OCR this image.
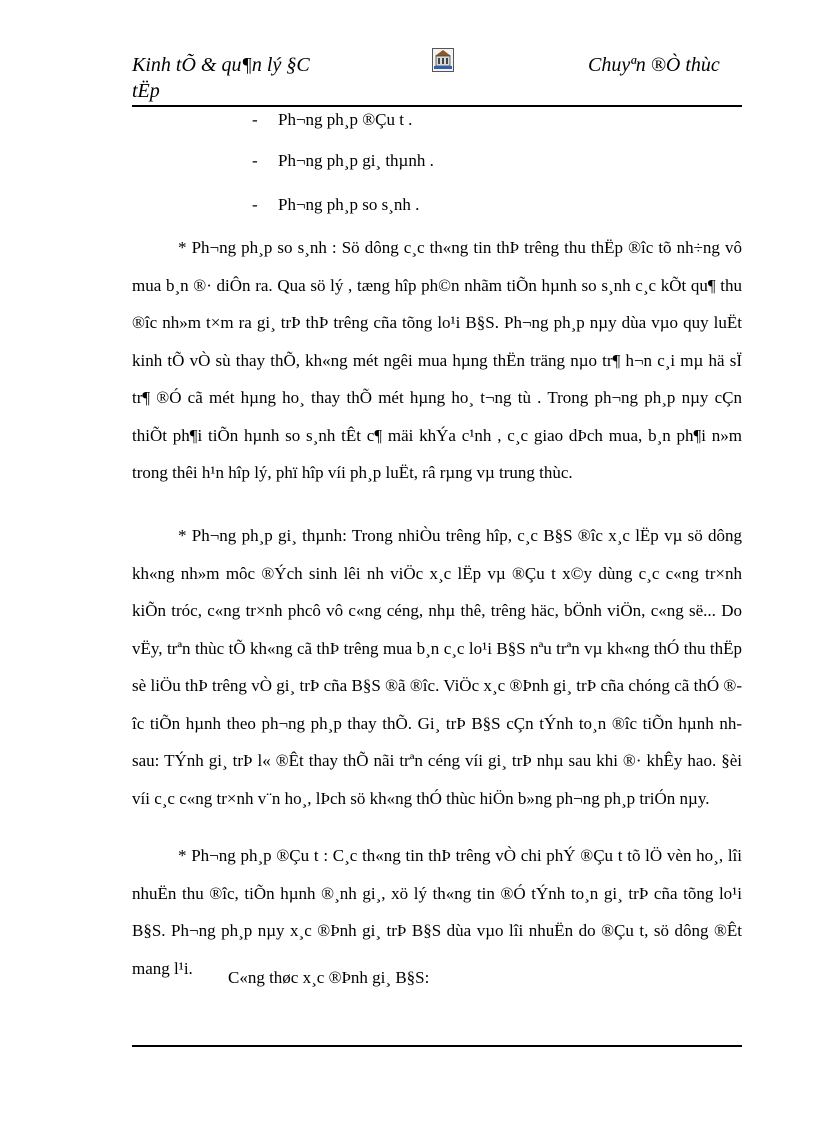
Kinh tÕ & qu¶n lý §C
tËp
Chuyªn ®Ò thùc
- Ph¬ng ph¸p ®Çu t .
- Ph¬ng ph¸p gi¸ thµnh .
- Ph¬ng ph¸p so s¸nh .

* Ph¬ng ph¸p so s¸nh : Sö dông c¸c th«ng tin thÞ trêng thu thËp ®îc tõ nh÷ng vô mua b¸n ®· diÔn ra. Qua sö lý , tæng hîp ph©n nhãm tiÕn hµnh so s¸nh c¸c kÕt qu¶ thu ®îc nh»m t×m ra gi¸ trÞ thÞ trêng cña tõng lo¹i B§S. Ph¬ng ph¸p nµy dùa vµo quy luËt kinh tÕ vÒ sù thay thÕ, kh«ng mét ngêi mua hµng thËn träng nµo tr¶ h¬n c¸i mµ hä sÏ tr¶ ®Ó cã mét hµng ho¸ thay thÕ mét hµng ho¸ t¬ng tù . Trong ph¬ng ph¸p nµy cÇn thiÕt ph¶i tiÕn hµnh so s¸nh tÊt c¶ mäi khÝa c¹nh , c¸c giao dÞch mua, b¸n ph¶i n»m trong thêi h¹n hîp lý, phï hîp víi ph¸p luËt, râ rµng vµ trung thùc.

* Ph¬ng ph¸p gi¸ thµnh: Trong nhiÒu trêng hîp, c¸c B§S ®îc x¸c lËp vµ sö dông kh«ng nh»m môc ®Ých sinh lêi nh viÖc x¸c lËp vµ ®Çu t x©y dùng c¸c c«ng tr×nh kiÕn tróc, c«ng tr×nh phcô vô c«ng céng, nhµ thê, trêng häc, bÖnh viÖn, c«ng së... Do vËy, trªn thùc tÕ kh«ng cã thÞ trêng mua b¸n c¸c lo¹i B§S nªu trªn vµ kh«ng thÓ thu thËp sè liÖu thÞ trêng vÒ gi¸ trÞ cña B§S ®ã ®îc. ViÖc x¸c ®Þnh gi¸ trÞ cña chóng cã thÓ ®îc tiÕn hµnh theo ph¬ng ph¸p thay thÕ. Gi¸ trÞ B§S cÇn tÝnh to¸n ®îc tiÕn hµnh nh sau: TÝnh gi¸ trÞ l« ®Êt thay thÕ nãi trªn céng víi gi¸ trÞ nhµ sau khi ®· khÊy hao. §èi víi c¸c c«ng tr×nh v¨n ho¸, lÞch sö kh«ng thÓ thùc hiÖn b»ng ph¬ng ph¸p triÓn nµy.

* Ph¬ng ph¸p ®Çu t : C¸c th«ng tin thÞ trêng vÒ chi phÝ ®Çu t tõ lÖ vèn ho¸, lîi nhuËn thu ®îc, tiÕn hµnh ®¸nh gi¸, xö lý th«ng tin ®Ó tÝnh to¸n gi¸ trÞ cña tõng lo¹i B§S. Ph¬ng ph¸p nµy x¸c ®Þnh gi¸ trÞ B§S dùa vµo lîi nhuËn do ®Çu t, sö dông ®Êt mang l¹i.	C«ng thøc x¸c ®Þnh gi¸ B§S:
